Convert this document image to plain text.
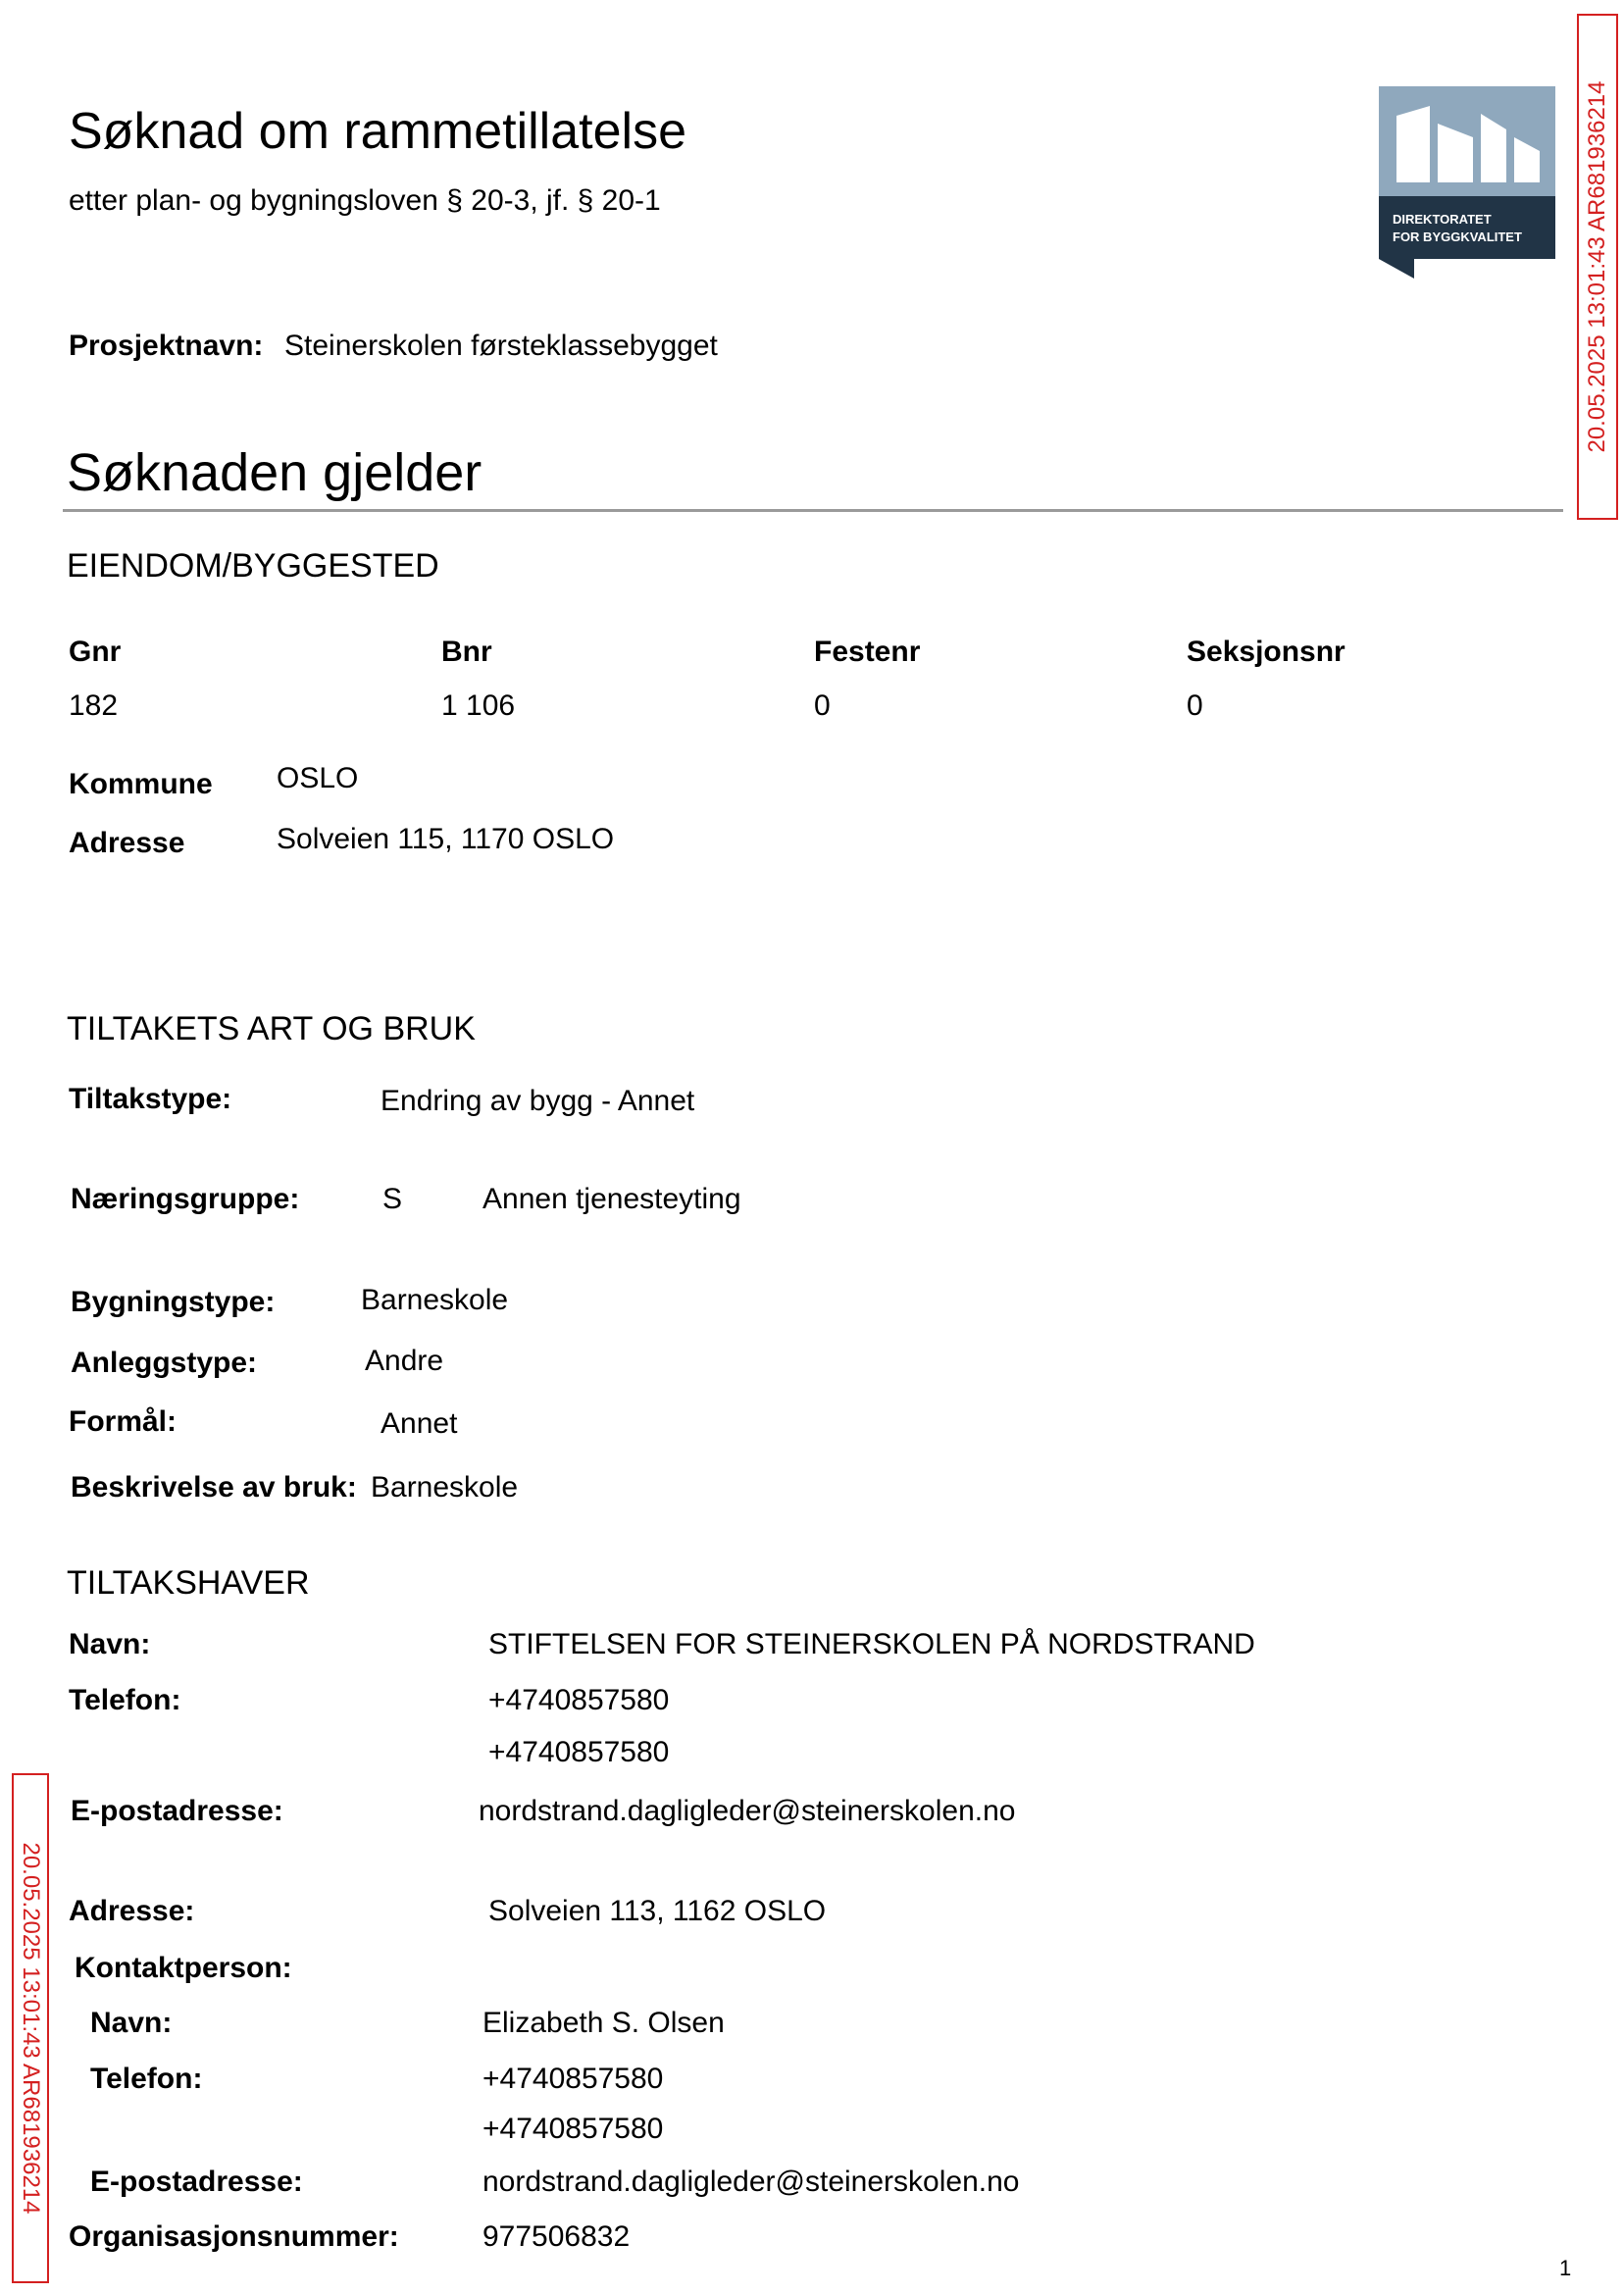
Søknad om rammetillatelse
etter plan- og bygningsloven § 20-3, jf. § 20-1
DIREKTORATET
FOR BYGGKVALITET	20.05.2025 13:01:43 AR681936214
20.05.2025 13:01:43 AR681936214
Prosjektnavn: Steinerskolen førsteklassebygget
Søknaden gjelder
EIENDOM/BYGGESTED
Gnr	Bnr	Festenr	Seksjonsnr
182	1 106	0	0
Kommune OSLO
Adresse	Solveien 115, 1170 OSLO
TILTAKETS ART OG BRUK
Tiltakstype:	Endring av bygg - Annet
Næringsgruppe:	S	Annen tjenesteyting
Bygningstype:	Barneskole
Anleggstype:	Andre
Formål:	Annet
Beskrivelse av bruk: Barneskole
TILTAKSHAVER
Navn:	STIFTELSEN FOR STEINERSKOLEN PÅ NORDSTRAND
Telefon:	+4740857580
+4740857580
E-postadresse:	nordstrand.dagligleder@steinerskolen.no
Adresse:	Solveien 113, 1162 OSLO
Kontaktperson:
Navn:	Elizabeth S. Olsen
Telefon:	+4740857580
+4740857580
E-postadresse:	nordstrand.dagligleder@steinerskolen.no
Organisasjonsnummer:	977506832
1
